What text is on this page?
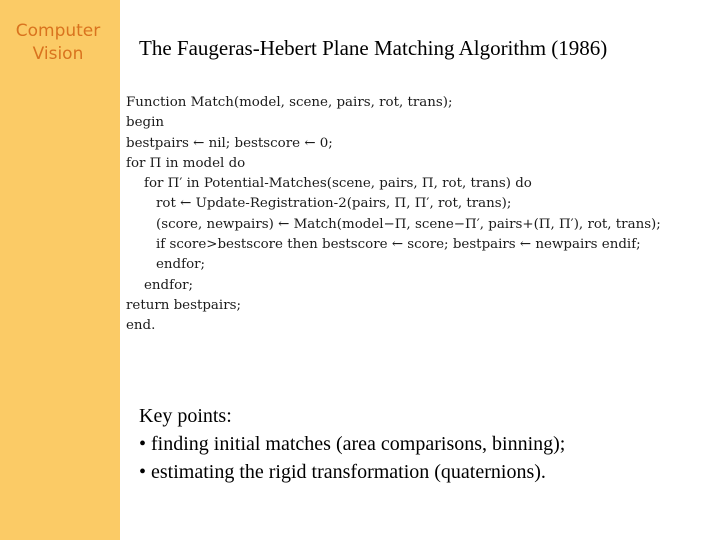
Computer
Vision	The Faugeras-Hebert Plane Matching Algorithm (1986)
Function Match(model, scene, pairs, rot, trans);
begin
bestpairs ← nil; bestscore ← 0;
for Π in model do
for Π′ in Potential-Matches(scene, pairs, Π, rot, trans) do
rot ← Update-Registration-2(pairs, Π, Π′, rot, trans);
(score, newpairs) ← Match(model−Π, scene−Π′, pairs+(Π, Π′), rot, trans);
if score>bestscore then bestscore ← score; bestpairs ← newpairs endif;
endfor;
endfor;
return bestpairs;
end.
Key points:
• finding initial matches (area comparisons, binning);
• estimating the rigid transformation (quaternions).
